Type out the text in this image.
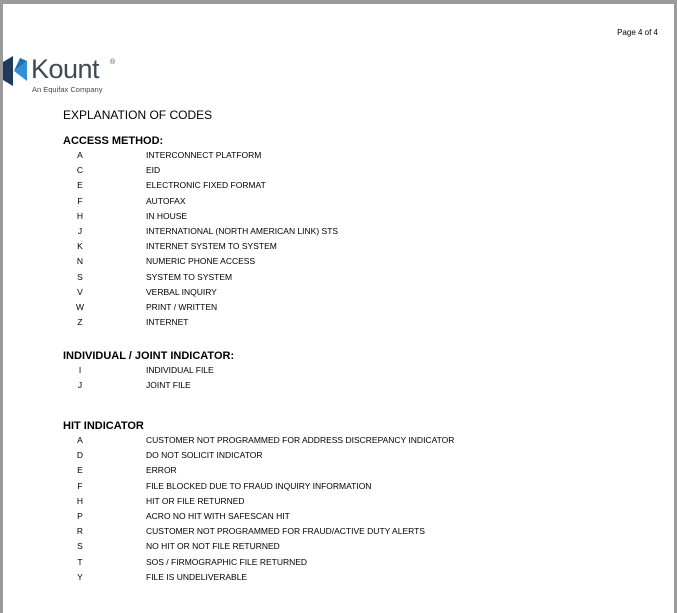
Page 4 of 4
Kount ®
An Equifax Company
EXPLANATION OF CODES
ACCESS METHOD:
A	INTERCONNECT PLATFORM
C	EID
E	ELECTRONIC FIXED FORMAT
F	AUTOFAX
H	IN HOUSE
J	INTERNATIONAL (NORTH AMERICAN LINK) STS
K	INTERNET SYSTEM TO SYSTEM
N	NUMERIC PHONE ACCESS
S	SYSTEM TO SYSTEM
V	VERBAL INQUIRY
W	PRINT / WRITTEN
Z	INTERNET
INDIVIDUAL / JOINT INDICATOR:
I	INDIVIDUAL FILE
J	JOINT FILE
HIT INDICATOR
A	CUSTOMER NOT PROGRAMMED FOR ADDRESS DISCREPANCY INDICATOR
D	DO NOT SOLICIT INDICATOR
E	ERROR
F	FILE BLOCKED DUE TO FRAUD INQUIRY INFORMATION
H	HIT OR FILE RETURNED
P	ACRO NO HIT WITH SAFESCAN HIT
R	CUSTOMER NOT PROGRAMMED FOR FRAUD/ACTIVE DUTY ALERTS
S	NO HIT OR NOT FILE RETURNED
T	SOS / FIRMOGRAPHIC FILE RETURNED
Y	FILE IS UNDELIVERABLE
